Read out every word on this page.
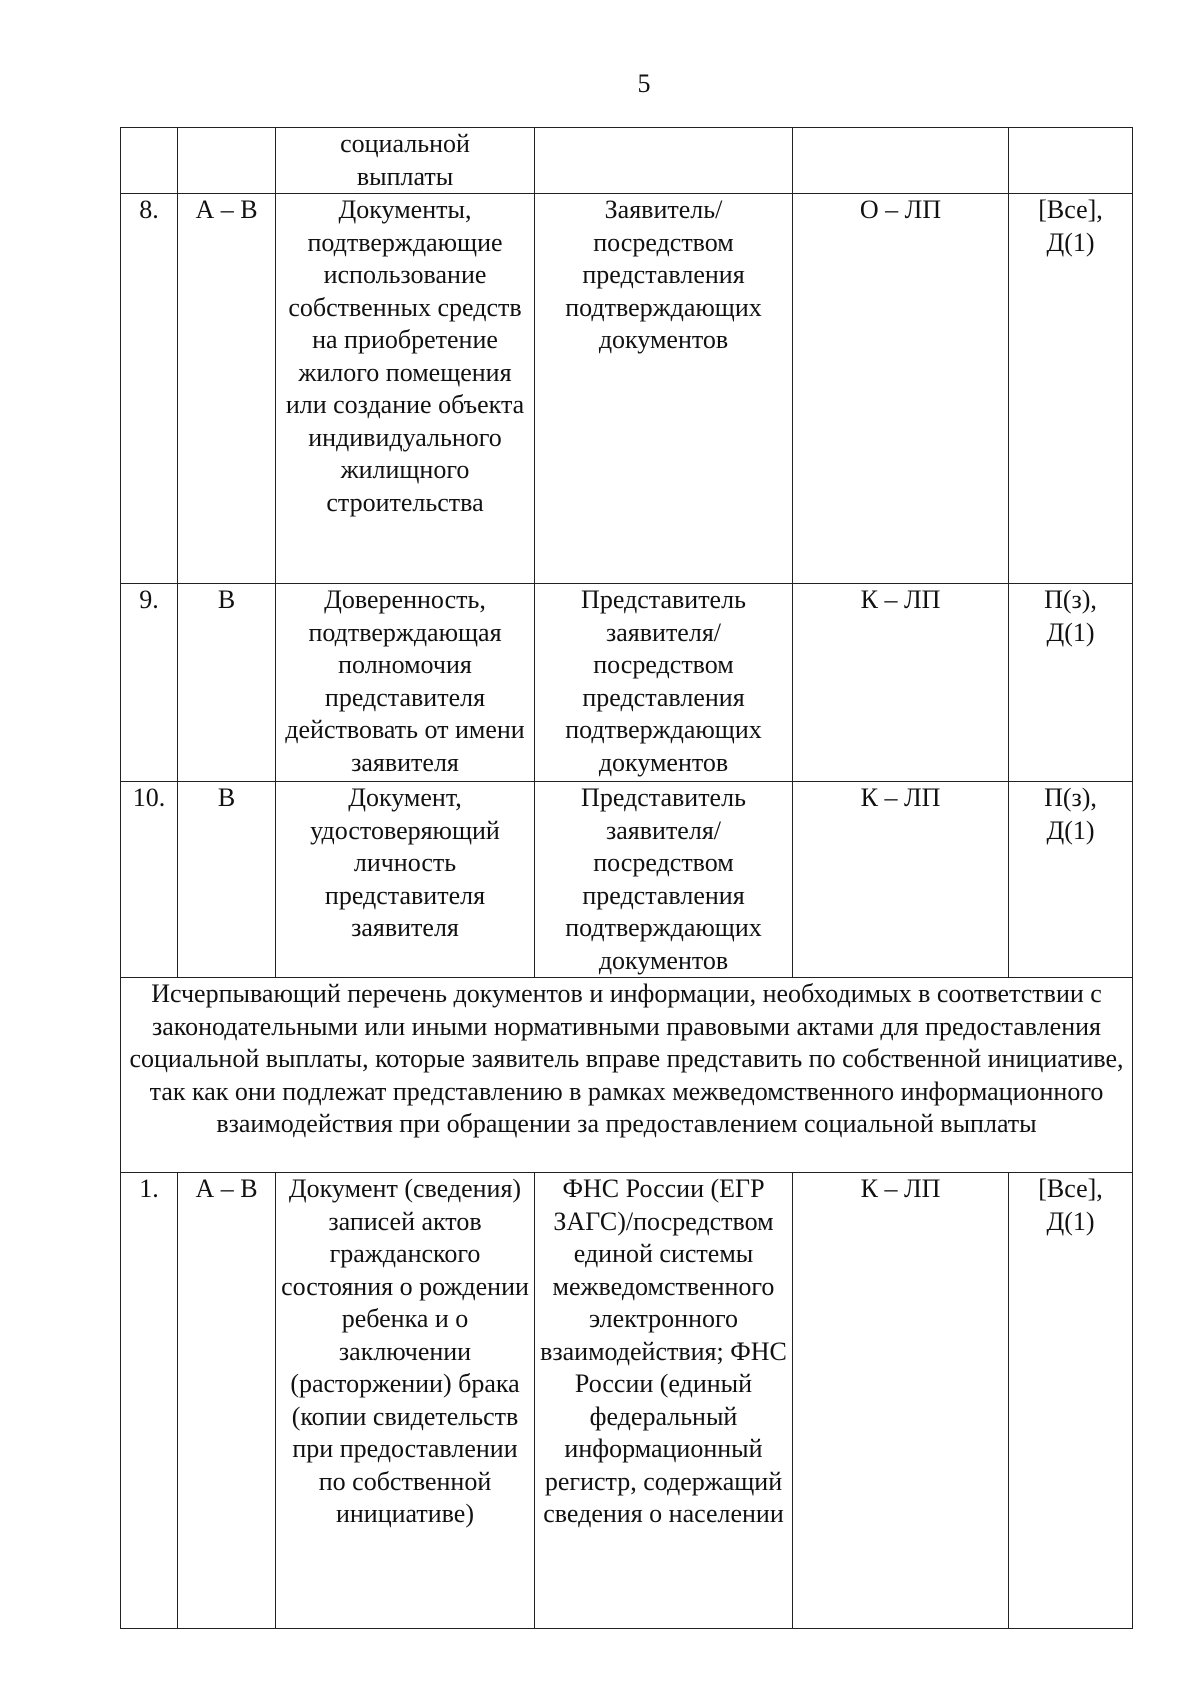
5
		социальной выплаты			
8.	А – В	Документы, подтверждающие использование собственных средств на приобретение жилого помещения или создание объекта индивидуального жилищного строительства	Заявитель/посредством представления подтверждающих документов	О – ЛП	[Все], Д(1)
9.	В	Доверенность, подтверждающая полномочия представителя действовать от имени заявителя	Представитель заявителя/посредством представления подтверждающих документов	К – ЛП	П(з), Д(1)
10.	В	Документ, удостоверяющий личность представителя заявителя	Представитель заявителя/посредством представления подтверждающих документов	К – ЛП	П(з), Д(1)
Исчерпывающий перечень документов и информации, необходимых в соответствии с законодательными или иными нормативными правовыми актами для предоставления социальной выплаты, которые заявитель вправе представить по собственной инициативе, так как они подлежат представлению в рамках межведомственного информационного взаимодействия при обращении за предоставлением социальной выплаты					
1.	А – В	Документ (сведения) записей актов гражданского состояния о рождении ребенка и о заключении (расторжении) брака (копии свидетельств при предоставлении по собственной инициативе)	ФНС России (ЕГР ЗАГС)/посредством единой системы межведомственного электронного взаимодействия; ФНС России (единый федеральный информационный регистр, содержащий сведения о населении	К – ЛП	[Все], Д(1)
